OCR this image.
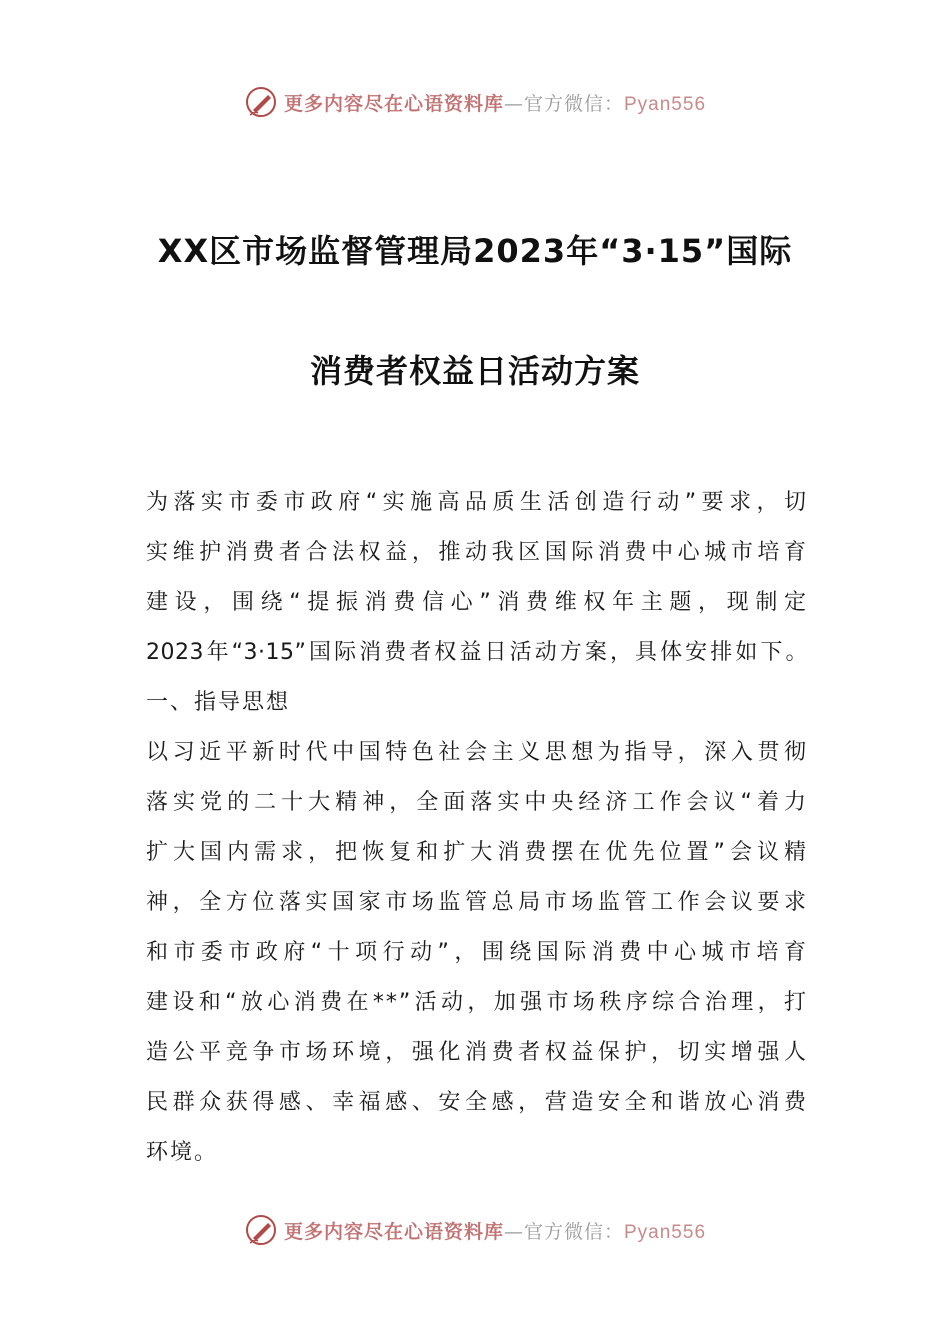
更多内容尽在心语资料库—官方微信：Pyan556
XX区市场监督管理局2023年“3·15”国际
消费者权益日活动方案
为落实市委市政府“实施高品质生活创造行动”要求，切
实维护消费者合法权益，推动我区国际消费中心城市培育
建设，围绕“提振消费信心”消费维权年主题，现制定
2023年“3·15”国际消费者权益日活动方案，具体安排如下。
一、指导思想
以习近平新时代中国特色社会主义思想为指导，深入贯彻
落实党的二十大精神，全面落实中央经济工作会议“着力
扩大国内需求，把恢复和扩大消费摆在优先位置”会议精
神，全方位落实国家市场监管总局市场监管工作会议要求
和市委市政府“十项行动”，围绕国际消费中心城市培育
建设和“放心消费在**”活动，加强市场秩序综合治理，打
造公平竞争市场环境，强化消费者权益保护，切实增强人
民群众获得感、幸福感、安全感，营造安全和谐放心消费
环境。
更多内容尽在心语资料库—官方微信：Pyan556
